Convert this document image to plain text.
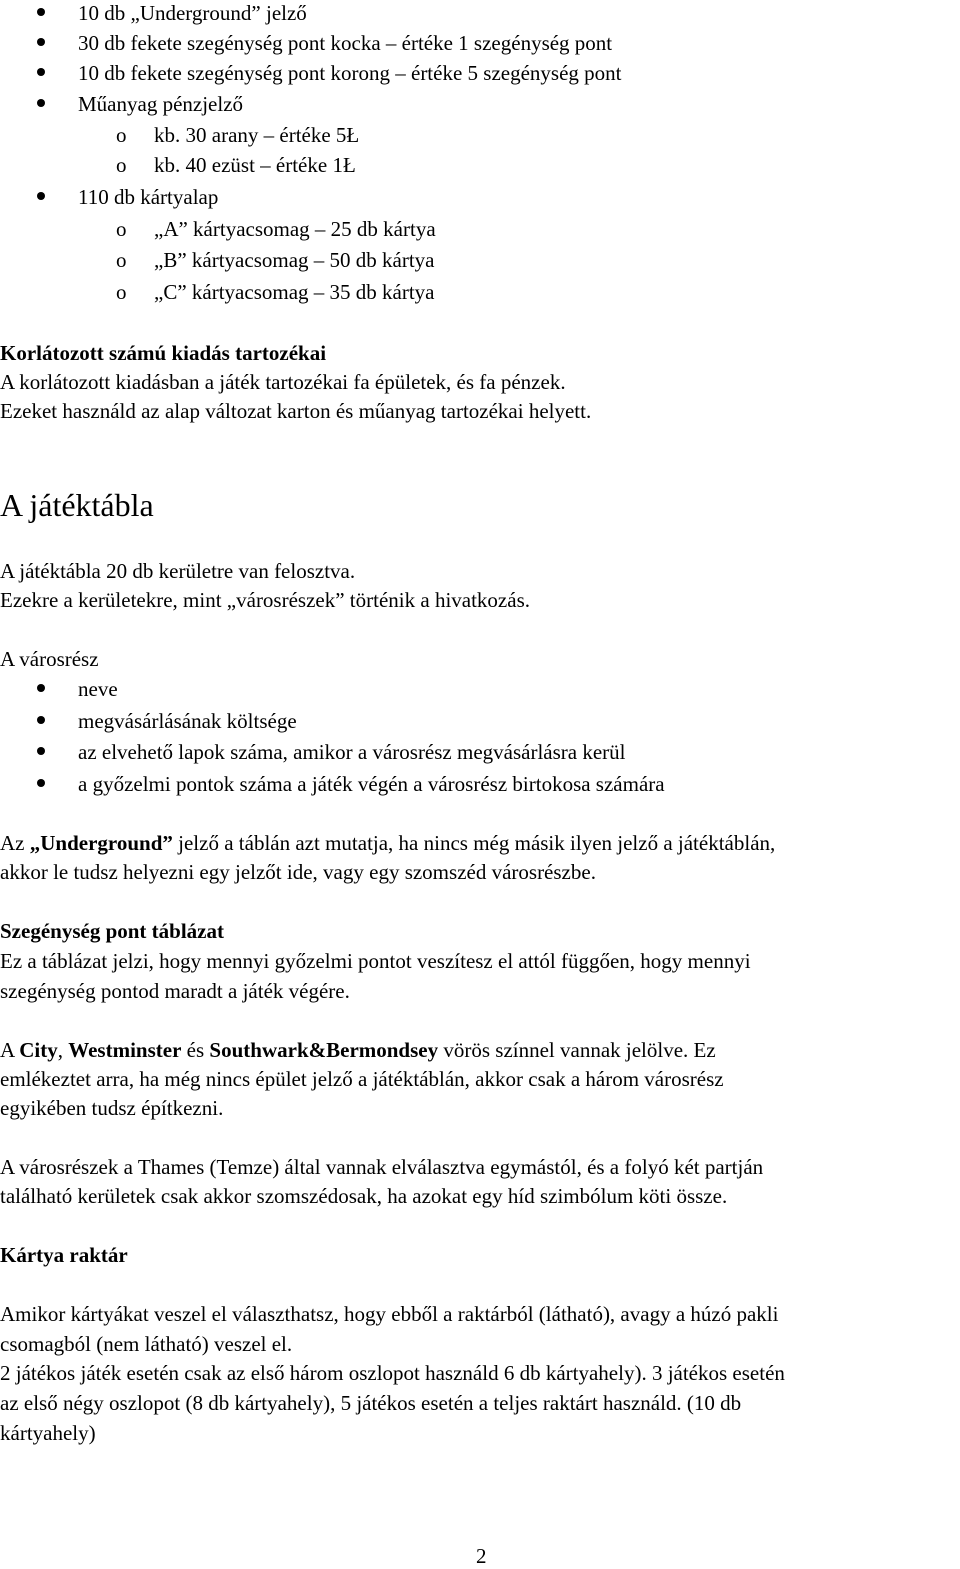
10 db „Underground” jelző
30 db fekete szegénység pont kocka – értéke 1 szegénység pont
10 db fekete szegénység pont korong – értéke 5 szegénység pont
Műanyag pénzjelző
o kb. 30 arany – értéke 5Ł
o kb. 40 ezüst – értéke 1Ł
110 db kártyalap
o „A” kártyacsomag – 25 db kártya
o „B” kártyacsomag – 50 db kártya
o „C” kártyacsomag – 35 db kártya
Korlátozott számú kiadás tartozékai
A korlátozott kiadásban a játék tartozékai fa épületek, és fa pénzek.
Ezeket használd az alap változat karton és műanyag tartozékai helyett.
A játéktábla
A játéktábla 20 db kerületre van felosztva.
Ezekre a kerületekre, mint „városrészek” történik a hivatkozás.
A városrész
neve
megvásárlásának költsége
az elvehető lapok száma, amikor a városrész megvásárlásra kerül
a győzelmi pontok száma a játék végén a városrész birtokosa számára
Az „Underground” jelző a táblán azt mutatja, ha nincs még másik ilyen jelző a játéktáblán,
akkor le tudsz helyezni egy jelzőt ide, vagy egy szomszéd városrészbe.
Szegénység pont táblázat
Ez a táblázat jelzi, hogy mennyi győzelmi pontot veszítesz el attól függően, hogy mennyi
szegénység pontod maradt a játék végére.
A City, Westminster és Southwark&Bermondsey vörös színnel vannak jelölve. Ez
emlékeztet arra, ha még nincs épület jelző a játéktáblán, akkor csak a három városrész
egyikében tudsz építkezni.
A városrészek a Thames (Temze) által vannak elválasztva egymástól, és a folyó két partján
található kerületek csak akkor szomszédosak, ha azokat egy híd szimbólum köti össze.
Kártya raktár
Amikor kártyákat veszel el választhatsz, hogy ebből a raktárból (látható), avagy a húzó pakli
csomagból (nem látható) veszel el.
2 játékos játék esetén csak az első három oszlopot használd 6 db kártyahely). 3 játékos esetén
az első négy oszlopot (8 db kártyahely), 5 játékos esetén a teljes raktárt használd. (10 db
kártyahely)
2
